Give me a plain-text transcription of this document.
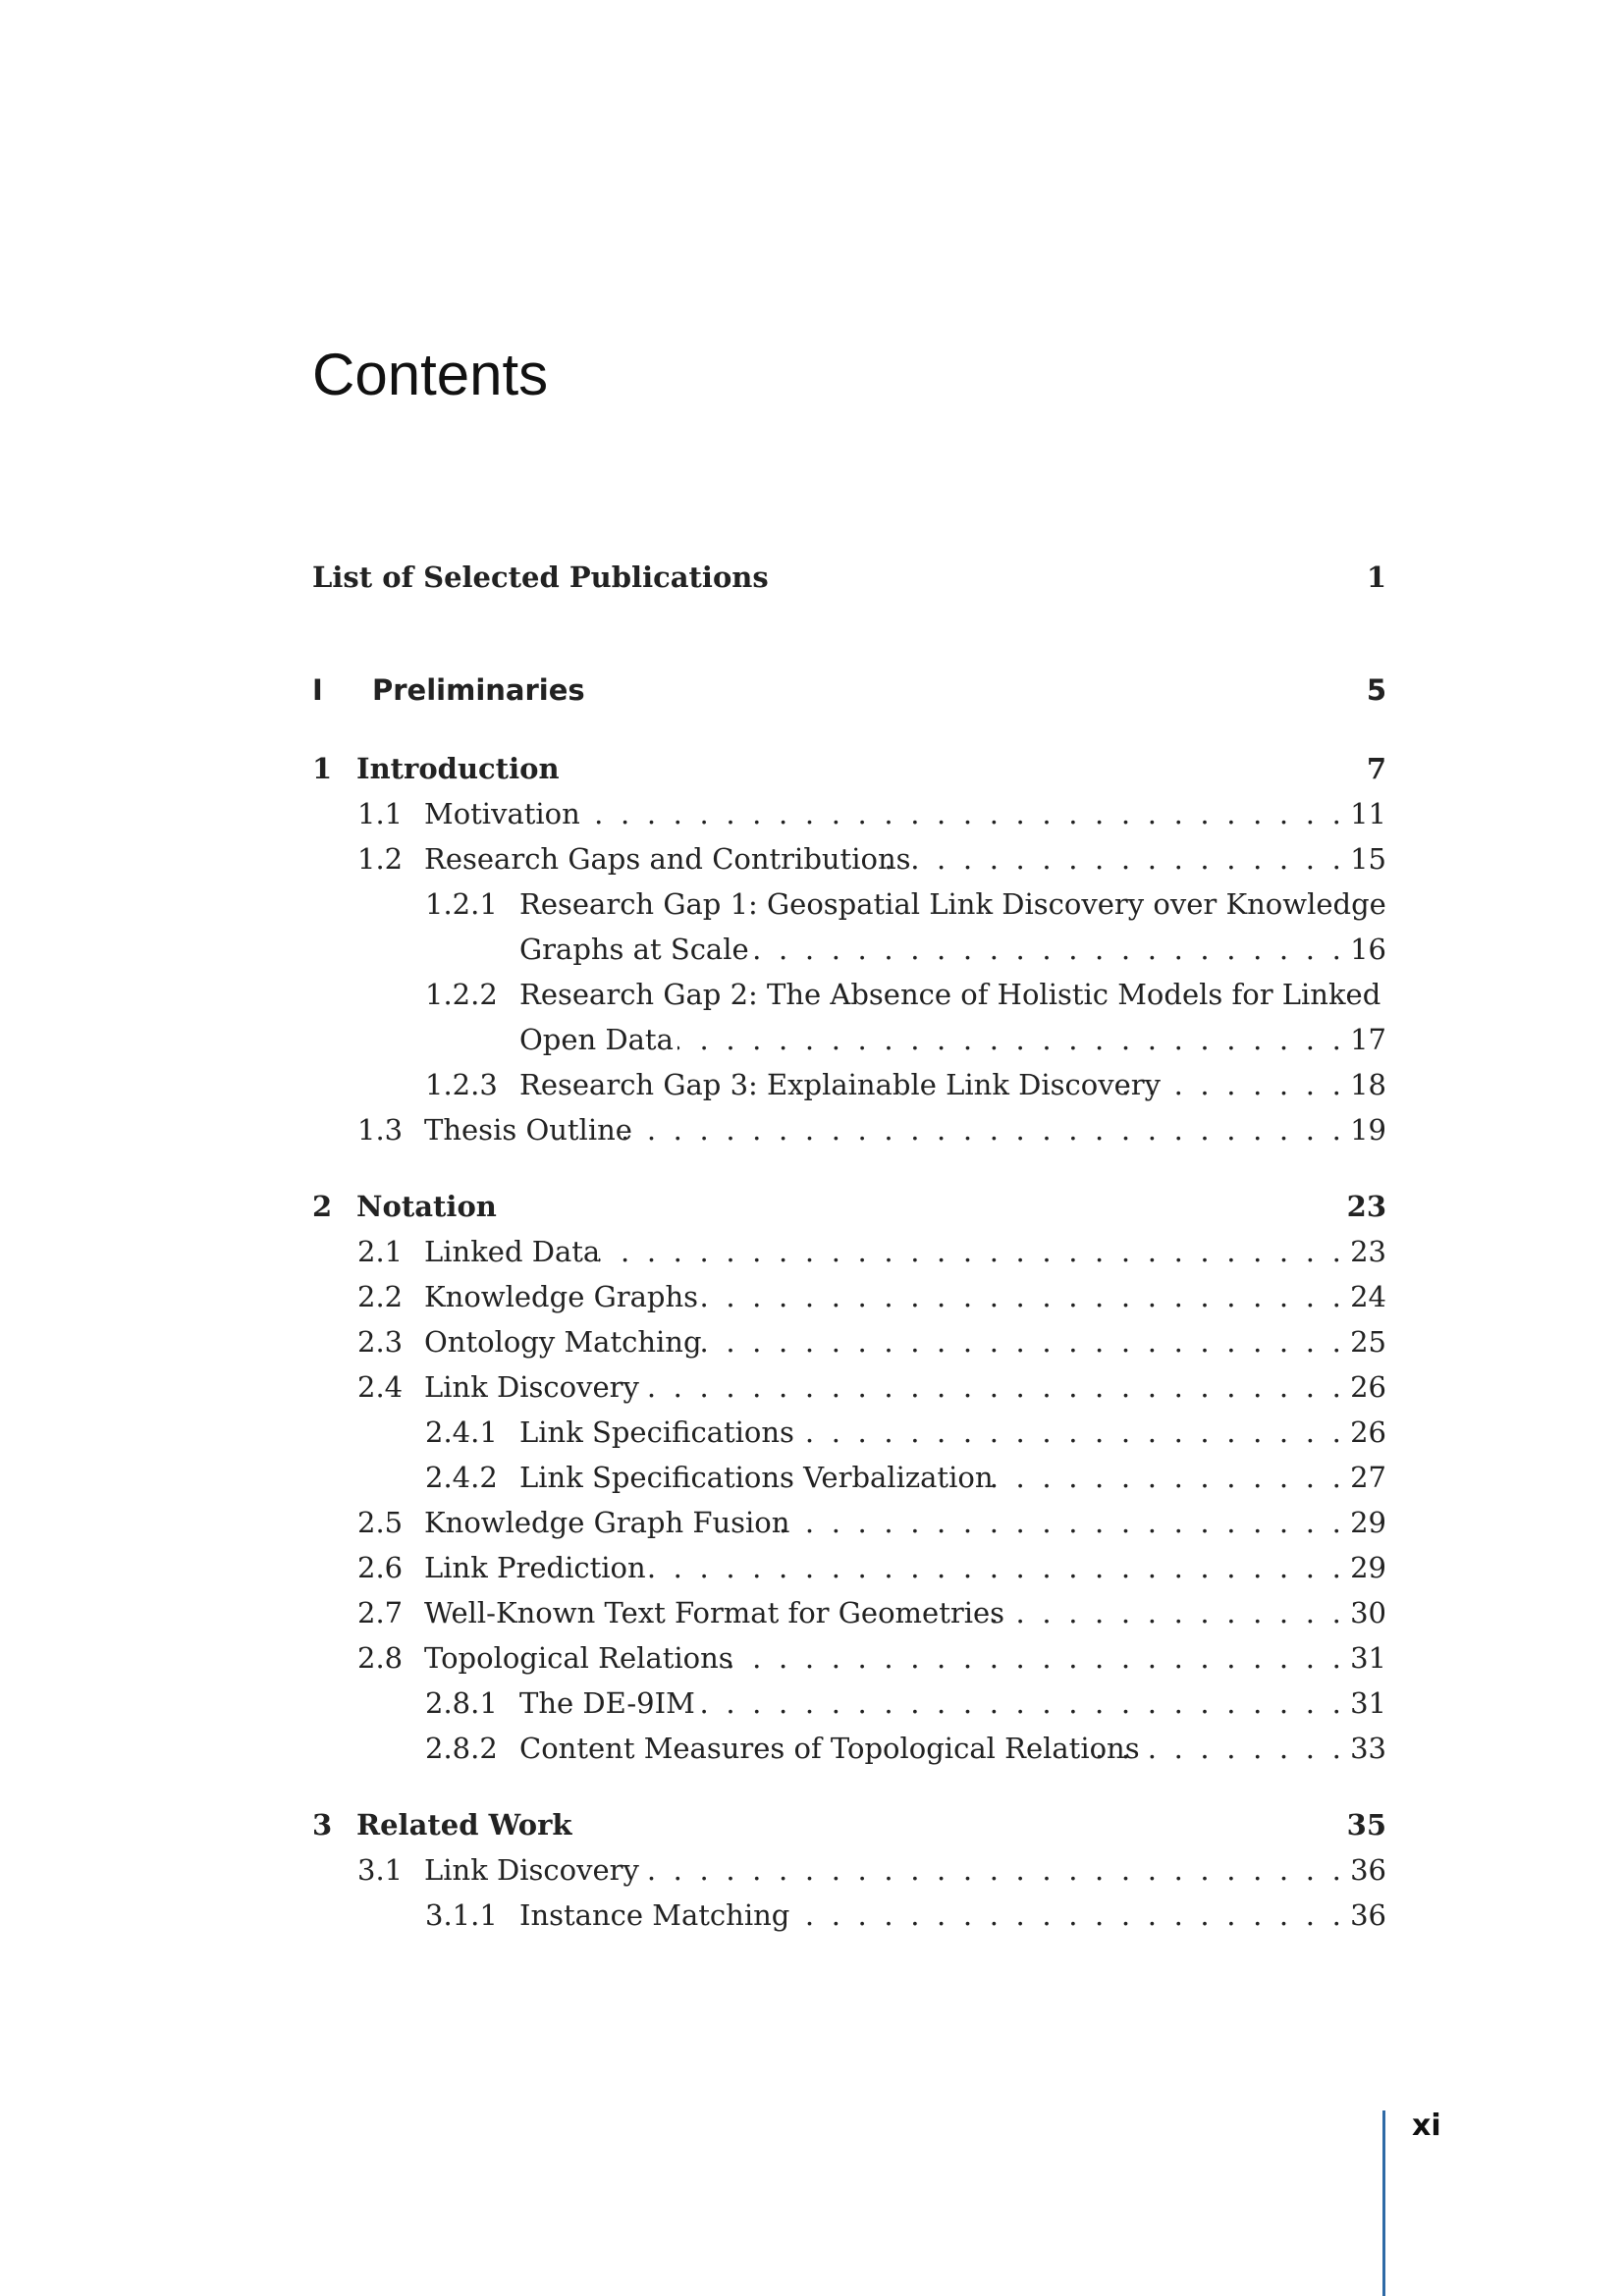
Contents
List of Selected Publications	1
I Preliminaries	5
1 Introduction	7
1.1 Motivation . . .	11
1.2 Research Gaps and Contributions . . .	15
1.2.1 Research Gap 1: Geospatial Link Discovery over Knowledge
Graphs at Scale . . .	16
1.2.2 Research Gap 2: The Absence of Holistic Models for Linked
Open Data . . .	17
1.2.3 Research Gap 3: Explainable Link Discovery . . .	18
1.3 Thesis Outline . . .	19
2 Notation	23
2.1 Linked Data . . .	23
2.2 Knowledge Graphs . . .	24
2.3 Ontology Matching . . .	25
2.4 Link Discovery . . .	26
2.4.1 Link Specifications . . .	26
2.4.2 Link Specifications Verbalization . . .	27
2.5 Knowledge Graph Fusion . . .	29
2.6 Link Prediction . . .	29
2.7 Well-Known Text Format for Geometries . . .	30
2.8 Topological Relations . . .	31
2.8.1 The DE-9IM . . .	31
2.8.2 Content Measures of Topological Relations . . .	33
3 Related Work	35
3.1 Link Discovery . . .	36
3.1.1 Instance Matching . . .	36
xi
